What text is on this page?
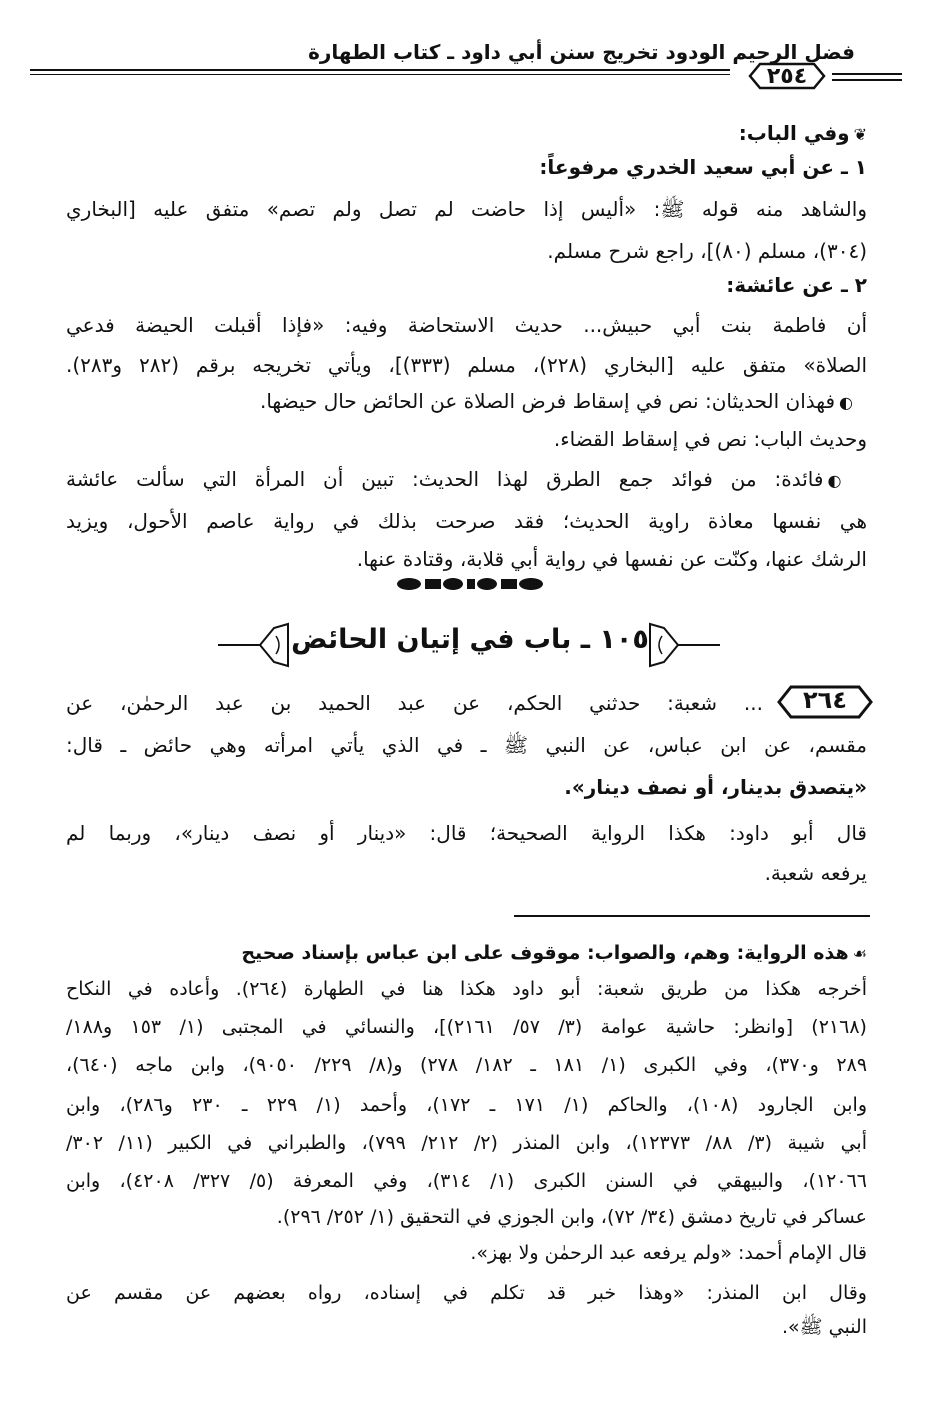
فضل الرحيم الودود تخريج سنن أبي داود ـ كتاب الطهارة
٢٥٤
❦وفي الباب:
١ ـ عن أبي سعيد الخدري مرفوعاً:
والشاهد منه قوله ﷺ: «أليس إذا حاضت لم تصل ولم تصم» متفق عليه [البخاري
(٣٠٤)، مسلم (٨٠)]، راجع شرح مسلم.
٢ ـ عن عائشة:
أن فاطمة بنت أبي حبيش... حديث الاستحاضة وفيه: «فإذا أقبلت الحيضة فدعي
الصلاة» متفق عليه [البخاري (٢٢٨)، مسلم (٣٣٣)]، ويأتي تخريجه برقم (٢٨٢ و٢٨٣).
◐فهذان الحديثان: نص في إسقاط فرض الصلاة عن الحائض حال حيضها.
وحديث الباب: نص في إسقاط القضاء.
◐فائدة: من فوائد جمع الطرق لهذا الحديث: تبين أن المرأة التي سألت عائشة
هي نفسها معاذة راوية الحديث؛ فقد صرحت بذلك في رواية عاصم الأحول، ويزيد
الرشك عنها، وكنّت عن نفسها في رواية أبي قلابة، وقتادة عنها.
١٠٥ ـ باب في إتيان الحائض
٢٦٤
... شعبة: حدثني الحكم، عن عبد الحميد بن عبد الرحمٰن، عن
مقسم، عن ابن عباس، عن النبي ﷺ ـ في الذي يأتي امرأته وهي حائض ـ قال:
«يتصدق بدينار، أو نصف دينار».
قال أبو داود: هكذا الرواية الصحيحة؛ قال: «دينار أو نصف دينار»، وربما لم
يرفعه شعبة.
☙هذه الرواية: وهم، والصواب: موقوف على ابن عباس بإسناد صحيح
أخرجه هكذا من طريق شعبة: أبو داود هكذا هنا في الطهارة (٢٦٤). وأعاده في النكاح
(٢١٦٨) [وانظر: حاشية عوامة (٣/ ٥٧/ ٢١٦١)]، والنسائي في المجتبى (١/ ١٥٣ و١٨٨/
٢٨٩ و٣٧٠)، وفي الكبرى (١/ ١٨١ ـ ١٨٢/ ٢٧٨) و(٨/ ٢٢٩/ ٩٠٥٠)، وابن ماجه (٦٤٠)،
وابن الجارود (١٠٨)، والحاكم (١/ ١٧١ ـ ١٧٢)، وأحمد (١/ ٢٢٩ ـ ٢٣٠ و٢٨٦)، وابن
أبي شيبة (٣/ ٨٨/ ١٢٣٧٣)، وابن المنذر (٢/ ٢١٢/ ٧٩٩)، والطبراني في الكبير (١١/ ٣٠٢/
١٢٠٦٦)، والبيهقي في السنن الكبرى (١/ ٣١٤)، وفي المعرفة (٥/ ٣٢٧/ ٤٢٠٨)، وابن
عساكر في تاريخ دمشق (٣٤/ ٧٢)، وابن الجوزي في التحقيق (١/ ٢٥٢/ ٢٩٦).
قال الإمام أحمد: «ولم يرفعه عبد الرحمٰن ولا بهز».
وقال ابن المنذر: «وهذا خبر قد تكلم في إسناده، رواه بعضهم عن مقسم عن
النبي ﷺ».
